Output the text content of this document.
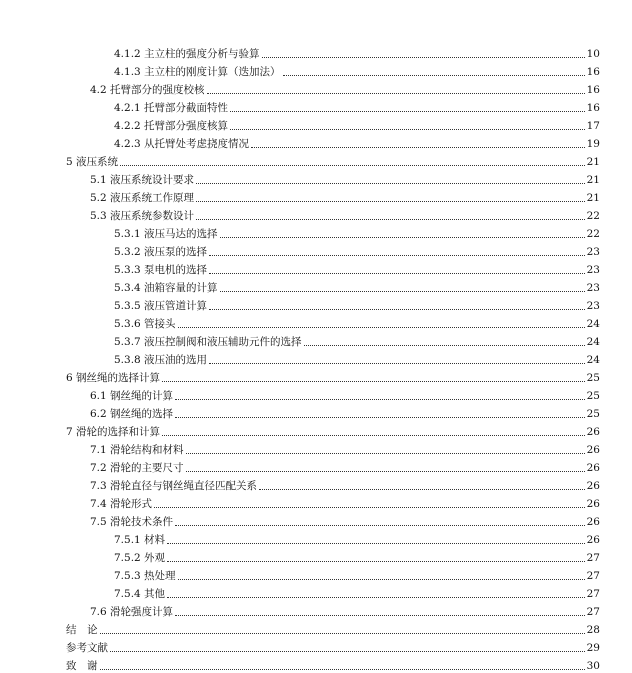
4.1.2 主立柱的强度分析与验算	10
4.1.3 主立柱的刚度计算（迭加法）	16
4.2 托臂部分的强度校核	16
4.2.1 托臂部分截面特性	16
4.2.2 托臂部分强度核算	17
4.2.3 从托臂处考虑挠度情况	19
5 液压系统	21
5.1 液压系统设计要求	21
5.2 液压系统工作原理	21
5.3 液压系统参数设计	22
5.3.1 液压马达的选择	22
5.3.2 液压泵的选择	23
5.3.3 泵电机的选择	23
5.3.4 油箱容量的计算	23
5.3.5 液压管道计算	23
5.3.6 管接头	24
5.3.7 液压控制阀和液压辅助元件的选择	24
5.3.8 液压油的选用	24
6 钢丝绳的选择计算	25
6.1 钢丝绳的计算	25
6.2 钢丝绳的选择	25
7 滑轮的选择和计算	26
7.1 滑轮结构和材料	26
7.2 滑轮的主要尺寸	26
7.3 滑轮直径与钢丝绳直径匹配关系	26
7.4 滑轮形式	26
7.5 滑轮技术条件	26
7.5.1 材料	26
7.5.2 外观	27
7.5.3 热处理	27
7.5.4 其他	27
7.6 滑轮强度计算	27
结　论	28
参考文献	29
致　谢	30
